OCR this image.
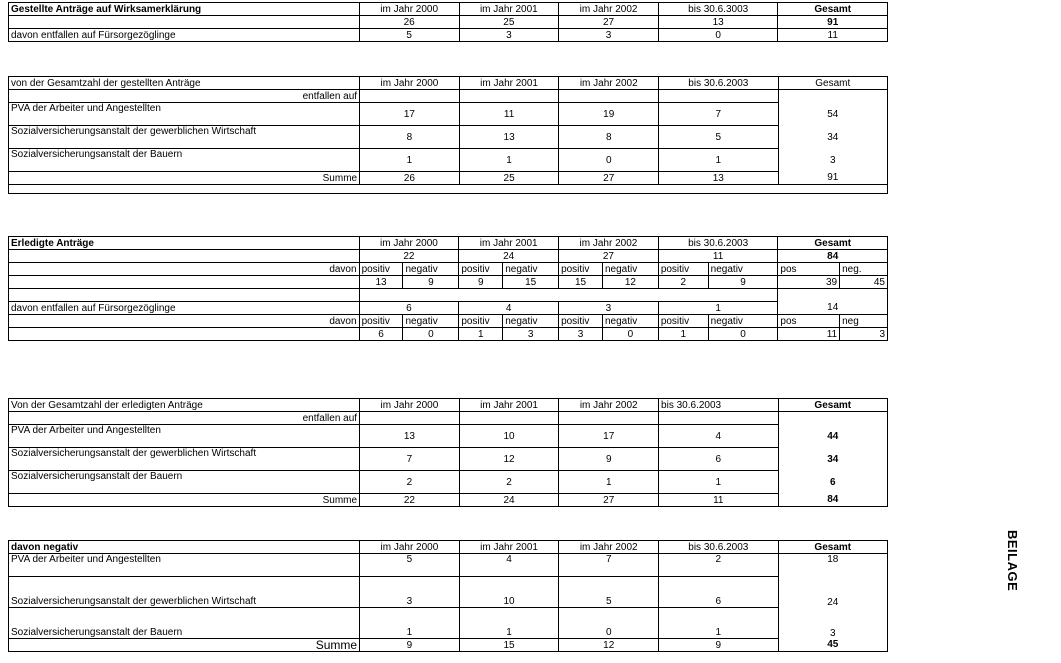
Gestellte Anträge auf Wirksamerklärung	im Jahr 2000	im Jahr 2001	im Jahr 2002	bis 30.6.3003	Gesamt
	26	25	27	13	91
davon entfallen auf Fürsorgezöglinge	5	3	3	0	11
von der Gesamtzahl der gestellten Anträge	im Jahr 2000	im Jahr 2001	im Jahr 2002	bis 30.6.2003	Gesamt
entfallen auf					
PVA der Arbeiter und Angestellten	17	11	19	7	54
Sozialversicherungsanstalt der gewerblichen Wirtschaft	8	13	8	5	34
Sozialversicherungsanstalt der Bauern	1	1	0	1	3
Summe	26	25	27	13	91

Erledigte Anträge	im Jahr 2000		im Jahr 2001		im Jahr 2002		bis 30.6.2003		Gesamt	
	22		24		27		11		84	
davon	positiv	negativ	positiv	negativ	positiv	negativ	positiv	negativ	pos	neg.
	13	9	9	15	15	12	2	9	39	45

davon entfallen auf Fürsorgezöglinge	6		4		3		1		14	
davon	positiv	negativ	positiv	negativ	positiv	negativ	positiv	negativ	pos	neg
	6	0	1	3	3	0	1	0	11	3
Von der Gesamtzahl der erledigten Anträge	im Jahr 2000	im Jahr 2001	im Jahr 2002	bis 30.6.2003	Gesamt
entfallen auf					
PVA der Arbeiter und Angestellten	13	10	17	4	44
Sozialversicherungsanstalt der gewerblichen Wirtschaft	7	12	9	6	34
Sozialversicherungsanstalt der Bauern	2	2	1	1	6
Summe	22	24	27	11	84
davon negativ	im Jahr 2000	im Jahr 2001	im Jahr 2002	bis 30.6.2003	Gesamt
PVA der Arbeiter und Angestellten	5	4	7	2	18
Sozialversicherungsanstalt der gewerblichen Wirtschaft	3	10	5	6	24
Sozialversicherungsanstalt der Bauern	1	1	0	1	3
Summe	9	15	12	9	45
BEILAGE
